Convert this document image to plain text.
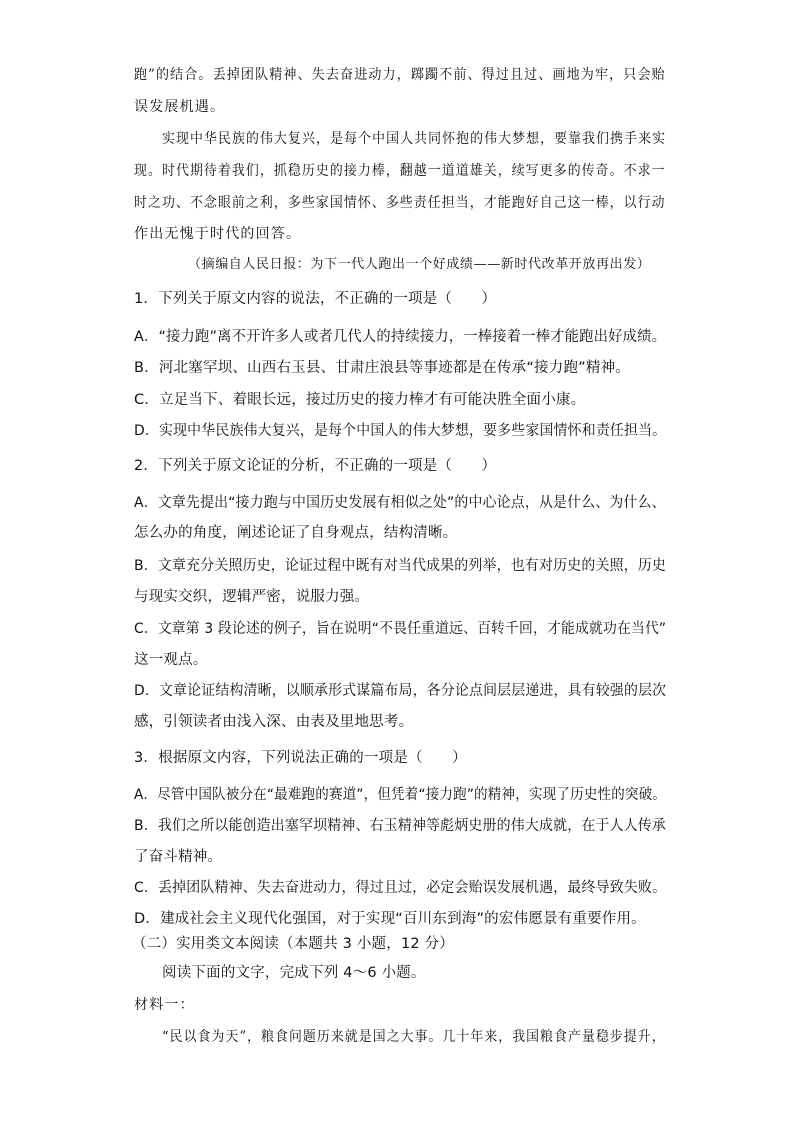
跑”的结合。丢掉团队精神、失去奋进动力，踯躅不前、得过且过、画地为牢，只会贻
误发展机遇。
实现中华民族的伟大复兴，是每个中国人共同怀抱的伟大梦想，要靠我们携手来实
现。时代期待着我们，抓稳历史的接力棒，翻越一道道雄关，续写更多的传奇。不求一
时之功、不念眼前之利，多些家国情怀、多些责任担当，才能跑好自己这一棒，以行动
作出无愧于时代的回答。
（摘编自人民日报：为下一代人跑出一个好成绩——新时代改革开放再出发）
1．下列关于原文内容的说法，不正确的一项是（　　）
A．“接力跑”离不开许多人或者几代人的持续接力，一棒接着一棒才能跑出好成绩。
B．河北塞罕坝、山西右玉县、甘肃庄浪县等事迹都是在传承“接力跑”精神。
C．立足当下、着眼长远，接过历史的接力棒才有可能决胜全面小康。
D．实现中华民族伟大复兴，是每个中国人的伟大梦想，要多些家国情怀和责任担当。
2．下列关于原文论证的分析，不正确的一项是（　　）
A．文章先提出“接力跑与中国历史发展有相似之处”的中心论点，从是什么、为什么、
怎么办的角度，阐述论证了自身观点，结构清晰。
B．文章充分关照历史，论证过程中既有对当代成果的列举，也有对历史的关照，历史
与现实交织，逻辑严密，说服力强。
C．文章第 3 段论述的例子，旨在说明“不畏任重道远、百转千回，才能成就功在当代”
这一观点。
D．文章论证结构清晰，以顺承形式谋篇布局，各分论点间层层递进，具有较强的层次
感，引领读者由浅入深、由表及里地思考。
3．根据原文内容，下列说法正确的一项是（　　）
A．尽管中国队被分在“最难跑的赛道”，但凭着“接力跑”的精神，实现了历史性的突破。
B．我们之所以能创造出塞罕坝精神、右玉精神等彪炳史册的伟大成就，在于人人传承
了奋斗精神。
C．丢掉团队精神、失去奋进动力，得过且过，必定会贻误发展机遇，最终导致失败。
D．建成社会主义现代化强国，对于实现“百川东到海”的宏伟愿景有重要作用。
（二）实用类文本阅读（本题共 3 小题，12 分）
阅读下面的文字，完成下列 4～6 小题。
材料一：
“民以食为天”，粮食问题历来就是国之大事。几十年来，我国粮食产量稳步提升，
